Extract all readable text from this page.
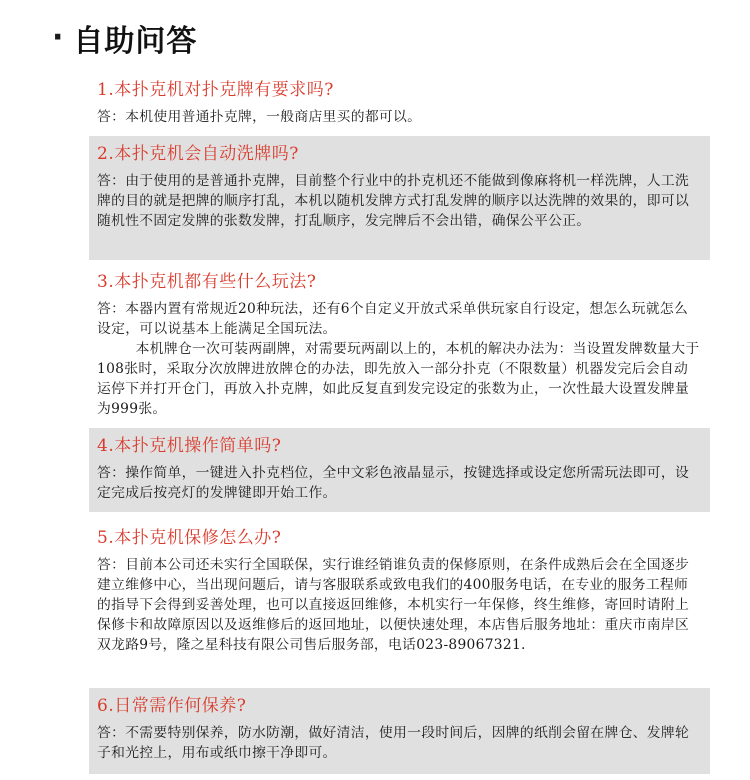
· 自助问答
1.本扑克机对扑克牌有要求吗?

答：本机使用普通扑克牌，一般商店里买的都可以。

2.本扑克机会自动洗牌吗?

答：由于使用的是普通扑克牌，目前整个行业中的扑克机还不能做到像麻将机一样洗牌，人工洗牌的目的就是把牌的顺序打乱，本机以随机发牌方式打乱发牌的顺序以达洗牌的效果的，即可以随机性不固定发牌的张数发牌，打乱顺序，发完牌后不会出错，确保公平公正。

3.本扑克机都有些什么玩法?

答：本器内置有常规近20种玩法，还有6个自定义开放式采单供玩家自行设定，想怎么玩就怎么设定，可以说基本上能满足全国玩法。

本机牌仓一次可装两副牌，对需要玩两副以上的，本机的解决办法为：当设置发牌数量大于108张时，采取分次放牌进放牌仓的办法，即先放入一部分扑克（不限数量）机器发完后会自动运停下并打开仓门，再放入扑克牌，如此反复直到发完设定的张数为止，一次性最大设置发牌量为999张。

4.本扑克机操作简单吗?

答：操作简单，一键进入扑克档位，全中文彩色液晶显示，按键选择或设定您所需玩法即可，设定完成后按亮灯的发牌键即开始工作。

5.本扑克机保修怎么办?

答：目前本公司还未实行全国联保，实行谁经销谁负责的保修原则，在条件成熟后会在全国逐步建立维修中心，当出现问题后，请与客服联系或致电我们的400服务电话，在专业的服务工程师的指导下会得到妥善处理，也可以直接返回维修，本机实行一年保修，终生维修，寄回时请附上保修卡和故障原因以及返维修后的返回地址，以便快速处理，本店售后服务地址：重庆市南岸区双龙路9号，隆之星科技有限公司售后服务部，电话023-89067321.

6.日常需作何保养?

答：不需要特别保养，防水防潮，做好清洁，使用一段时间后，因牌的纸削会留在牌仓、发牌轮子和光控上，用布或纸巾擦干净即可。
